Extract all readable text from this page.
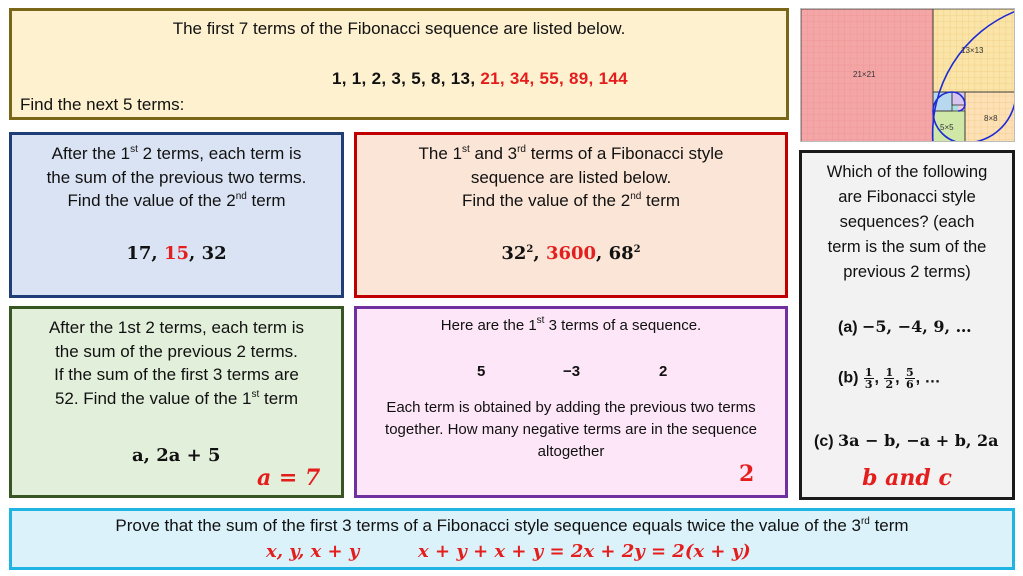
The first 7 terms of the Fibonacci sequence are listed below.
1, 1, 2, 3, 5, 8, 13, 21, 34, 55, 89, 144
Find the next 5 terms:
21×21
13×13
8×8
5×5
After the 1st 2 terms, each term is
the sum of the previous two terms.
Find the value of the 2nd term
17, 15, 32
The 1st and 3rd terms of a Fibonacci style
sequence are listed below.
Find the value of the 2nd term
$32^2$, 3600, $68^2$
Which of the following
are Fibonacci style
sequences? (each
term is the sum of the
previous 2 terms)
(a) −5, −4, 9, …
$(b) \frac{1}{3}$ , $\frac{1}{2}$ , $\frac{5}{6}$ , …
(c) 3a − b, −a + b, 2a
b and c
After the 1st 2 terms, each term is
the sum of the previous 2 terms.
If the sum of the first 3 terms are
52. Find the value of the 1st term
a, 2a + 5
a = 7
Here are the 1st 3 terms of a sequence.
5	−3	2
Each term is obtained by adding the previous two terms together. How many negative terms are in the sequence altogether
2
Prove that the sum of the first 3 terms of a Fibonacci style sequence equals twice the value of the 3rd term
x, y, x + y	x + y + x + y = 2x + 2y = 2(x + y)
